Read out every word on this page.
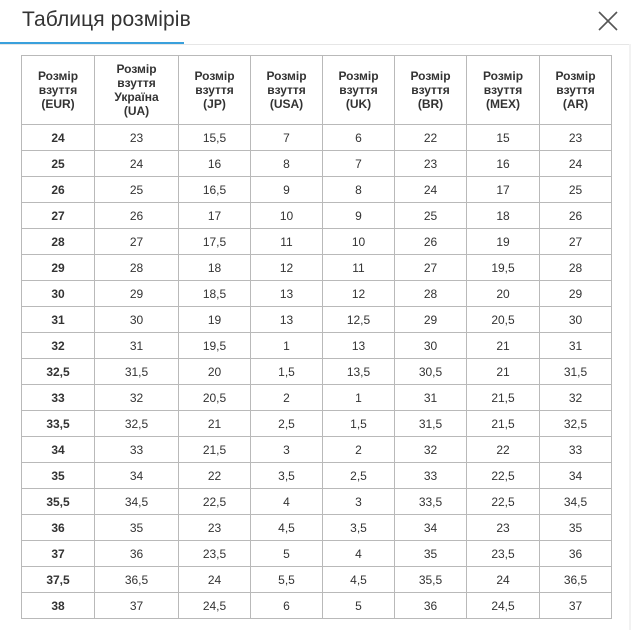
Таблиця розмірів
Розмір
взуття
(EUR)	Розмір
взуття
Україна
(UA)	Розмір
взуття
(JP)	Розмір
взуття
(USA)	Розмір
взуття
(UK)	Розмір
взуття
(BR)	Розмір
взуття
(MEX)	Розмір
взуття
(AR)
24	23	15,5	7	6	22	15	23
25	24	16	8	7	23	16	24
26	25	16,5	9	8	24	17	25
27	26	17	10	9	25	18	26
28	27	17,5	11	10	26	19	27
29	28	18	12	11	27	19,5	28
30	29	18,5	13	12	28	20	29
31	30	19	13	12,5	29	20,5	30
32	31	19,5	1	13	30	21	31
32,5	31,5	20	1,5	13,5	30,5	21	31,5
33	32	20,5	2	1	31	21,5	32
33,5	32,5	21	2,5	1,5	31,5	21,5	32,5
34	33	21,5	3	2	32	22	33
35	34	22	3,5	2,5	33	22,5	34
35,5	34,5	22,5	4	3	33,5	22,5	34,5
36	35	23	4,5	3,5	34	23	35
37	36	23,5	5	4	35	23,5	36
37,5	36,5	24	5,5	4,5	35,5	24	36,5
38	37	24,5	6	5	36	24,5	37
